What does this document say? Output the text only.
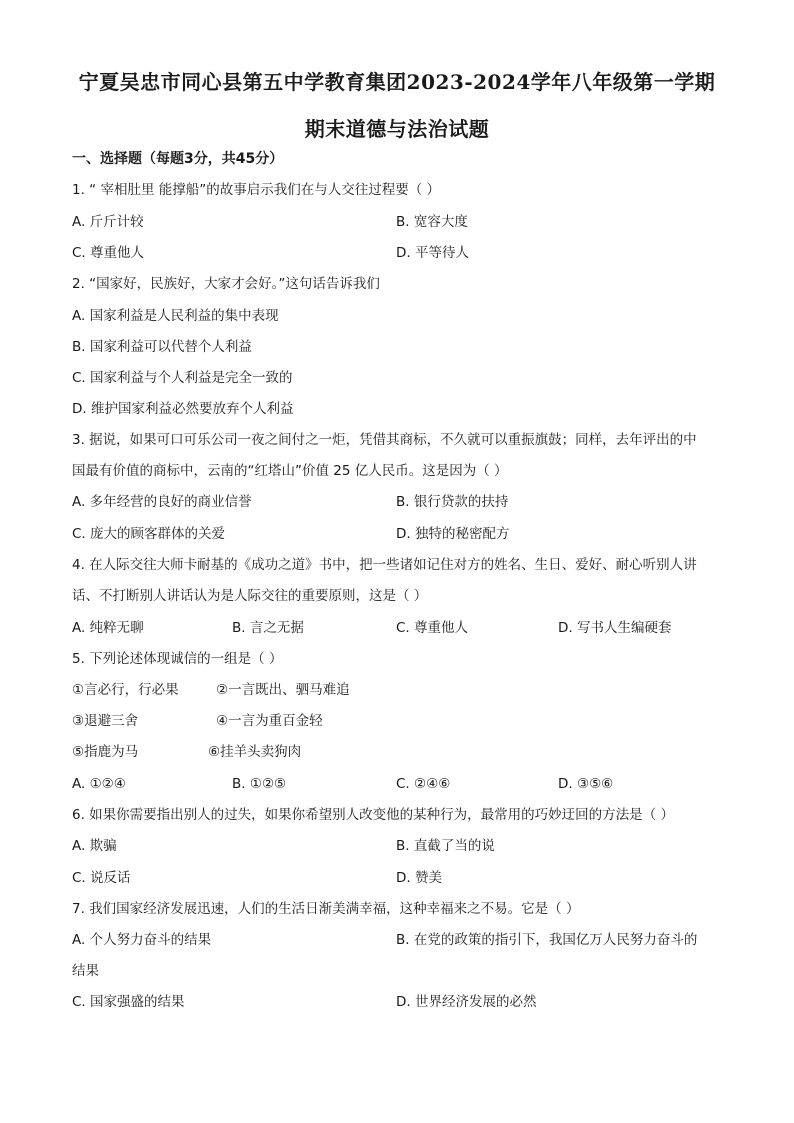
宁夏吴忠市同心县第五中学教育集团2023-2024学年八年级第一学期
期末道德与法治试题
一、选择题（每题3分，共45分）
1. “ 宰相肚里 能撑船”的故事启示我们在与人交往过程要（ ）
A. 斤斤计较	B. 宽容大度
C. 尊重他人	D. 平等待人
2. “国家好，民族好，大家才会好。”这句话告诉我们
A. 国家利益是人民利益的集中表现
B. 国家利益可以代替个人利益
C. 国家利益与个人利益是完全一致的
D. 维护国家利益必然要放弃个人利益
3. 据说，如果可口可乐公司一夜之间付之一炬，凭借其商标，不久就可以重振旗鼓；同样，去年评出的中
国最有价值的商标中，云南的“红塔山”价值 25 亿人民币。这是因为（ ）
A. 多年经营的良好的商业信誉	B. 银行贷款的扶持
C. 庞大的顾客群体的关爱	D. 独特的秘密配方
4. 在人际交往大师卡耐基的《成功之道》书中，把一些诸如记住对方的姓名、生日、爱好、耐心听别人讲
话、不打断别人讲话认为是人际交往的重要原则，这是（ ）
A. 纯粹无聊	B. 言之无据	C. 尊重他人	D. 写书人生编硬套
5. 下列论述体现诚信的一组是（ ）
①言必行，行必果	②一言既出、驷马难追
③退避三舍	④一言为重百金轻
⑤指鹿为马	⑥挂羊头卖狗肉
A. ①②④	B. ①②⑤	C. ②④⑥	D. ③⑤⑥
6. 如果你需要指出别人的过失，如果你希望别人改变他的某种行为，最常用的巧妙迂回的方法是（ ）
A. 欺骗	B. 直截了当的说
C. 说反话	D. 赞美
7. 我们国家经济发展迅速，人们的生活日渐美满幸福，这种幸福来之不易。它是（ ）
A. 个人努力奋斗的结果	B. 在党的政策的指引下，我国亿万人民努力奋斗的
结果
C. 国家强盛的结果	D. 世界经济发展的必然
